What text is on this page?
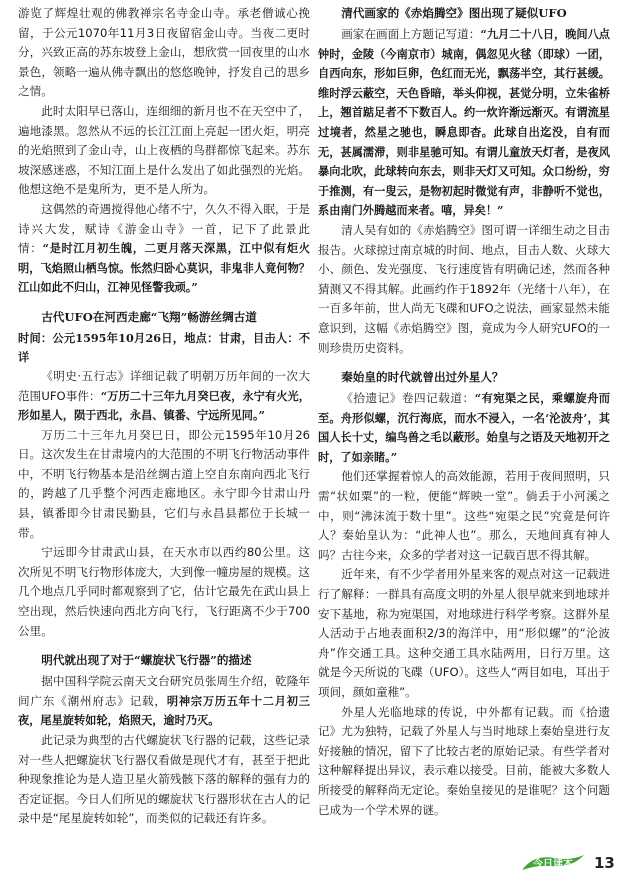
游览了辉煌壮观的佛教禅宗名寺金山寺。承老僧诚心挽留，于公元1070年11月3日夜留宿金山寺。当夜二更时分，兴致正高的苏东坡登上金山，想欣赏一回夜里的山水景色，领略一遍从佛寺飘出的悠悠晚钟，抒发自己的思乡之情。

此时太阳早已落山，连细细的新月也不在天空中了，遍地漆黑。忽然从不远的长江江面上亮起一团火炬，明亮的光焰照到了金山寺，山上夜栖的鸟群都惊飞起来。苏东坡深感迷惑，不知江面上是什么发出了如此强烈的光焰。他想这绝不是鬼所为，更不是人所为。

这偶然的奇遇搅得他心绪不宁，久久不得入眠，于是诗兴大发，赋诗《游金山寺》一首，记下了此景此情：“是时江月初生魄，二更月落天深黑，江中似有炬火明，飞焰照山栖鸟惊。怅然归卧心莫识，非鬼非人竟何物？江山如此不归山，江神见怪警我顽。”

古代UFO在河西走廊“飞翔”畅游丝绸古道

时间：公元1595年10月26日，地点：甘肃，目击人：不详

《明史·五行志》详细记载了明朝万历年间的一次大范围UFO事件：“万历二十三年九月癸巳夜，永宁有火光，形如星人，陨于西北，永昌、镇番、宁远所见同。”

万历二十三年九月癸巳日，即公元1595年10月26日。这次发生在甘肃境内的大范围的不明飞行物活动事件中，不明飞行物基本是沿丝绸古道上空自东南向西北飞行的，跨越了几乎整个河西走廊地区。永宁即今甘肃山丹县，镇番即今甘肃民勤县，它们与永昌县都位于长城一带。

宁远即今甘肃武山县，在天水市以西约80公里。这次所见不明飞行物形体庞大，大到像一幢房屋的规模。这几个地点几乎同时都观察到了它，估计它最先在武山县上空出现，然后快速向西北方向飞行，飞行距离不少于700公里。

明代就出现了对于“螺旋状飞行器”的描述

据中国科学院云南天文台研究员张周生介绍，乾隆年间广东《潮州府志》记载，明神宗万历五年十二月初三夜，尾星旋转如轮，焰照天，逾时乃灭。

此记录为典型的古代螺旋状飞行器的记载，这些记录对一些人把螺旋状飞行器仅看做是现代才有，甚至于把此种现象推论为是人造卫星火箭残骸下落的解释的强有力的否定证据。今日人们所见的螺旋状飞行器形状在古人的记录中是“尾星旋转如轮”，而类似的记载还有许多。

清代画家的《赤焰腾空》图出现了疑似UFO

画家在画面上方题记写道：“九月二十八日，晚间八点钟时，金陵（今南京市）城南，偶忽见火毬（即球）一团，自西向东，形如巨卵，色红而无光，飘荡半空，其行甚缓。维时浮云蔽空，天色昏暗，举头仰视，甚觉分明，立朱雀桥上，翘首踮足者不下数百人。约一炊许渐远渐灭。有谓流星过境者，然星之驰也，瞬息即杳。此球自出迄没，自有而无，甚属濡滞，则非星驰可知。有谓儿童放天灯者，是夜风暴向北吹，此球转向东去，则非天灯又可知。众口纷纷，穷于推测，有一叟云，是物初起时微觉有声，非静听不觉也，系由南门外腾越而来者。嘻，异矣！”

清人吴有如的《赤焰腾空》图可谓一详细生动之目击报告。火球掠过南京城的时间、地点，目击人数、火球大小、颜色、发光强度、飞行速度皆有明确记述，然而各种猜测又不得其解。此画约作于1892年（光绪十八年），在一百多年前，世人尚无飞碟和UFO之说法，画家显然未能意识到，这幅《赤焰腾空》图，竟成为今人研究UFO的一则珍贵历史资料。

秦始皇的时代就曾出过外星人？

《拾遗记》卷四记载道：“有宛渠之民，乘螺旋舟而至。舟形似螺，沉行海底，而水不浸入，一名‘沦波舟’，其国人长十丈，编鸟兽之毛以蔽形。始皇与之语及天地初开之时，了如亲睹。”

他们还掌握着惊人的高效能源，若用于夜间照明，只需“状如粟”的一粒，便能“辉映一堂”。倘丢于小河溪之中，则“沸沫流于数十里”。这些“宛渠之民”究竟是何许人？秦始皇认为：“此神人也”。那么，天地间真有神人吗？古往今来，众多的学者对这一记载百思不得其解。

近年来，有不少学者用外星来客的观点对这一记载进行了解释：一群具有高度文明的外星人很早就来到地球并安下基地，称为宛渠国，对地球进行科学考察。这群外星人活动于占地表面积2/3的海洋中，用“形似螺”的“沦波舟”作交通工具。这种交通工具水陆两用，日行万里。这就是今天所说的飞碟（UFO）。这些人“两目如电，耳出于项间，颜如童稚”。

外星人光临地球的传说，中外都有记载。而《拾遗记》尤为独特，记载了外星人与当时地球上秦始皇进行友好接触的情况，留下了比较古老的原始记录。有些学者对这种解释提出异议，表示难以接受。目前，能被大多数人所接受的解释尚无定论。秦始皇接见的是谁呢？这个问题已成为一个学术界的谜。

今日读本 13
